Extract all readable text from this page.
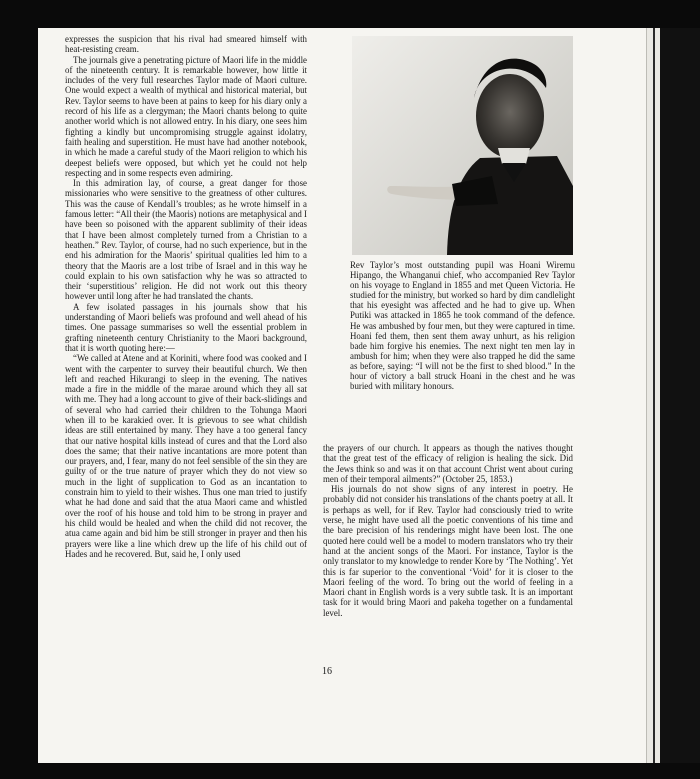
expresses the suspicion that his rival had smeared himself with heat-resisting cream.

The journals give a penetrating picture of Maori life in the middle of the nineteenth century. It is remarkable however, how little it includes of the very full researches Taylor made of Maori culture. One would expect a wealth of mythical and historical material, but Rev. Taylor seems to have been at pains to keep for his diary only a record of his life as a clergyman; the Maori chants belong to quite another world which is not allowed entry. In his diary, one sees him fighting a kindly but uncompromising struggle against idolatry, faith healing and superstition. He must have had another notebook, in which he made a careful study of the Maori religion to which his deepest beliefs were opposed, but which yet he could not help respecting and in some respects even admiring.

In this admiration lay, of course, a great danger for those missionaries who were sensitive to the greatness of other cultures. This was the cause of Kendall’s troubles; as he wrote himself in a famous letter: “All their (the Maoris) notions are metaphysical and I have been so poisoned with the apparent sublimity of their ideas that I have been almost completely turned from a Christian to a heathen.” Rev. Taylor, of course, had no such experience, but in the end his admiration for the Maoris’ spiritual qualities led him to a theory that the Maoris are a lost tribe of Israel and in this way he could explain to his own satisfaction why he was so attracted to their ‘superstitious’ religion. He did not work out this theory however until long after he had translated the chants.

A few isolated passages in his journals show that his understanding of Maori beliefs was profound and well ahead of his times. One passage summarises so well the essential problem in grafting nineteenth century Christianity to the Maori background, that it is worth quoting here:—

“We called at Atene and at Koriniti, where food was cooked and I went with the carpenter to survey their beautiful church. We then left and reached Hikurangi to sleep in the evening. The natives made a fire in the middle of the marae around which they all sat with me. They had a long account to give of their back-slidings and of several who had carried their children to the Tohunga Maori when ill to be karakied over. It is grievous to see what childish ideas are still entertained by many. They have a too general fancy that our native hospital kills instead of cures and that the Lord also does the same; that their native incantations are more potent than our prayers, and, I fear, many do not feel sensible of the sin they are guilty of or the true nature of prayer which they do not view so much in the light of supplication to God as an incantation to constrain him to yield to their wishes. Thus one man tried to justify what he had done and said that the atua Maori came and whistled over the roof of his house and told him to be strong in prayer and his child would be healed and when the child did not recover, the atua came again and bid him be still stronger in prayer and then his prayers were like a line which drew up the life of his child out of Hades and he recovered. But, said he, I only used

Rev Taylor’s most outstanding pupil was Hoani Wiremu Hipango, the Whanganui chief, who accompanied Rev Taylor on his voyage to England in 1855 and met Queen Victoria. He studied for the ministry, but worked so hard by dim candlelight that his eyesight was affected and he had to give up. When Putiki was attacked in 1865 he took command of the defence. He was ambushed by four men, but they were captured in time. Hoani fed them, then sent them away unhurt, as his religion bade him forgive his enemies. The next night ten men lay in ambush for him; when they were also trapped he did the same as before, saying: “I will not be the first to shed blood.” In the hour of victory a ball struck Hoani in the chest and he was buried with military honours.

the prayers of our church. It appears as though the natives thought that the great test of the efficacy of religion is healing the sick. Did the Jews think so and was it on that account Christ went about curing men of their temporal ailments?” (October 25, 1853.)

His journals do not show signs of any interest in poetry. He probably did not consider his translations of the chants poetry at all. It is perhaps as well, for if Rev. Taylor had consciously tried to write verse, he might have used all the poetic conventions of his time and the bare precision of his renderings might have been lost. The one quoted here could well be a model to modern translators who try their hand at the ancient songs of the Maori. For instance, Taylor is the only translator to my knowledge to render Kore by ‘The Nothing’. Yet this is far superior to the conventional ‘Void’ for it is closer to the Maori feeling of the word. To bring out the world of feeling in a Maori chant in English words is a very subtle task. It is an important task for it would bring Maori and pakeha together on a fundamental level.

16
